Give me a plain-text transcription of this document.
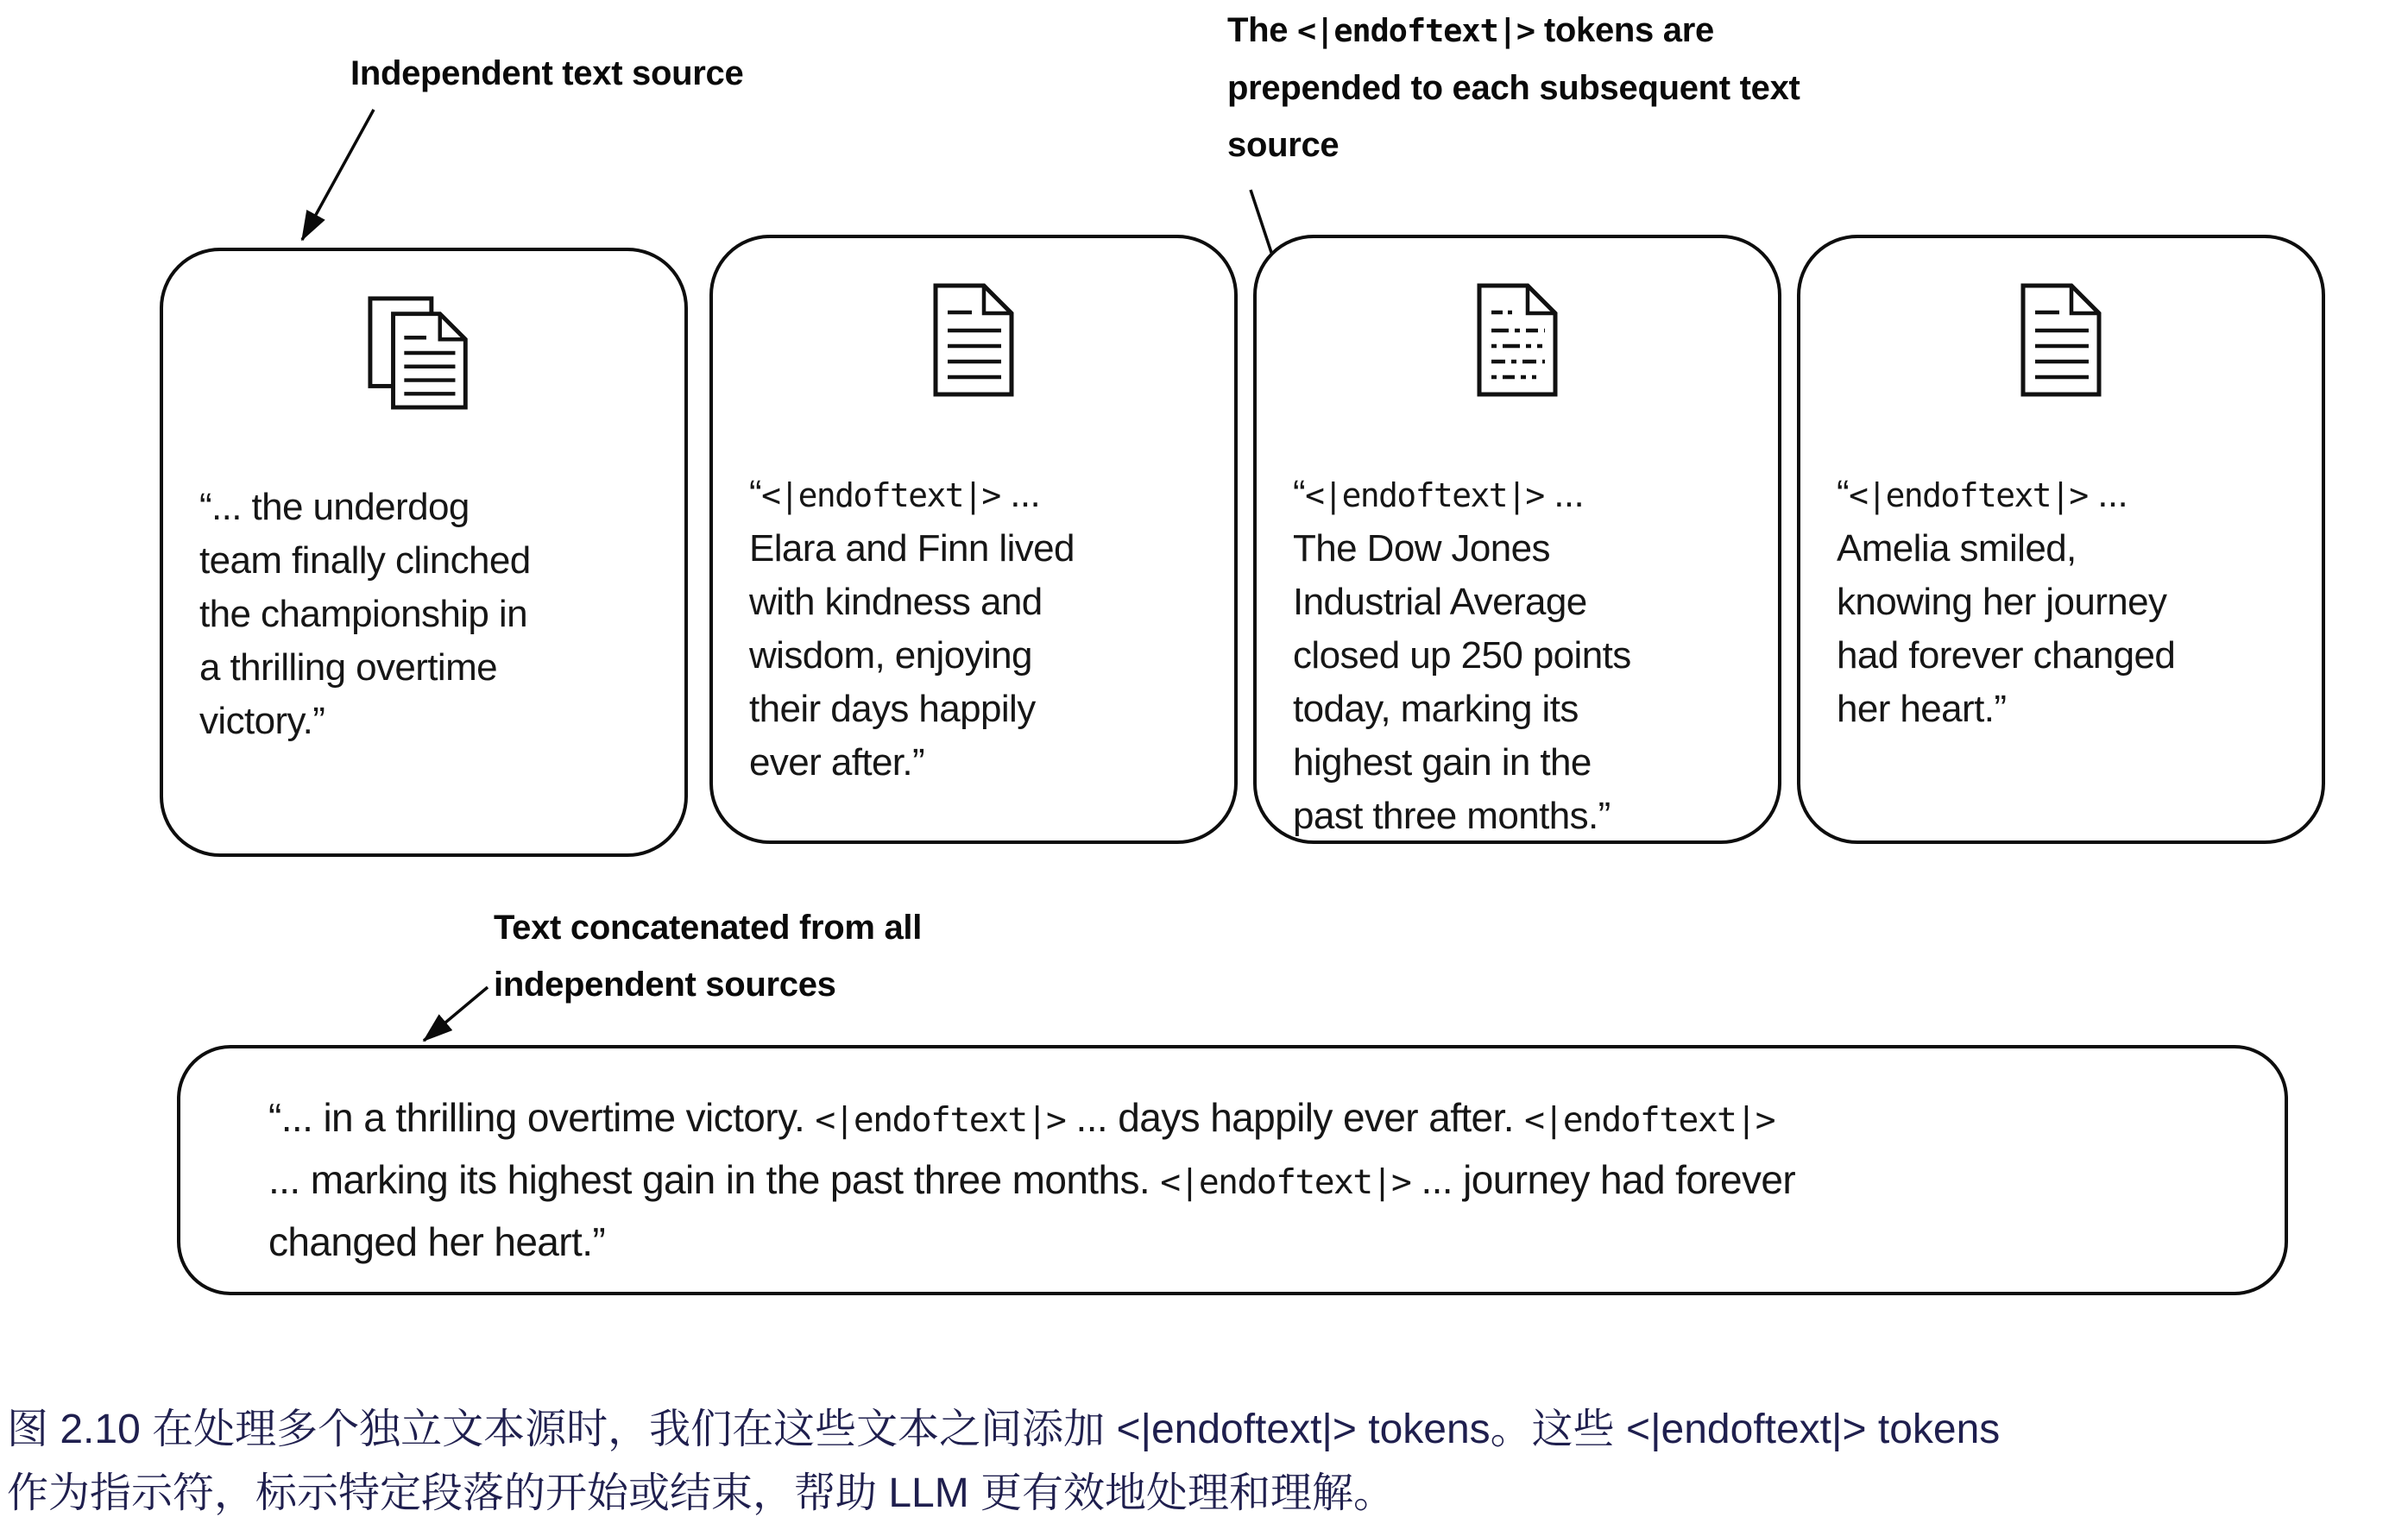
Independent text source
The <|endoftext|> tokens are
prepended to each subsequent text
source
Text concatenated from all
independent sources
“... the underdog
team finally clinched
the championship in
a thrilling overtime
victory.”
“<|endoftext|> ...
Elara and Finn lived
with kindness and
wisdom, enjoying
their days happily
ever after.”
“<|endoftext|> ...
The Dow Jones
Industrial Average
closed up 250 points
today, marking its
highest gain in the
past three months.”
“<|endoftext|> ...
Amelia smiled,
knowing her journey
had forever changed
her heart.”
“... in a thrilling overtime victory. <|endoftext|> ... days happily ever after. <|endoftext|>
... marking its highest gain in the past three months. <|endoftext|> ... journey had forever
changed her heart.”
图 2.10 在处理多个独立文本源时，我们在这些文本之间添加 <|endoftext|> tokens。这些 <|endoftext|> tokens
作为指示符，标示特定段落的开始或结束，帮助 LLM 更有效地处理和理解。
